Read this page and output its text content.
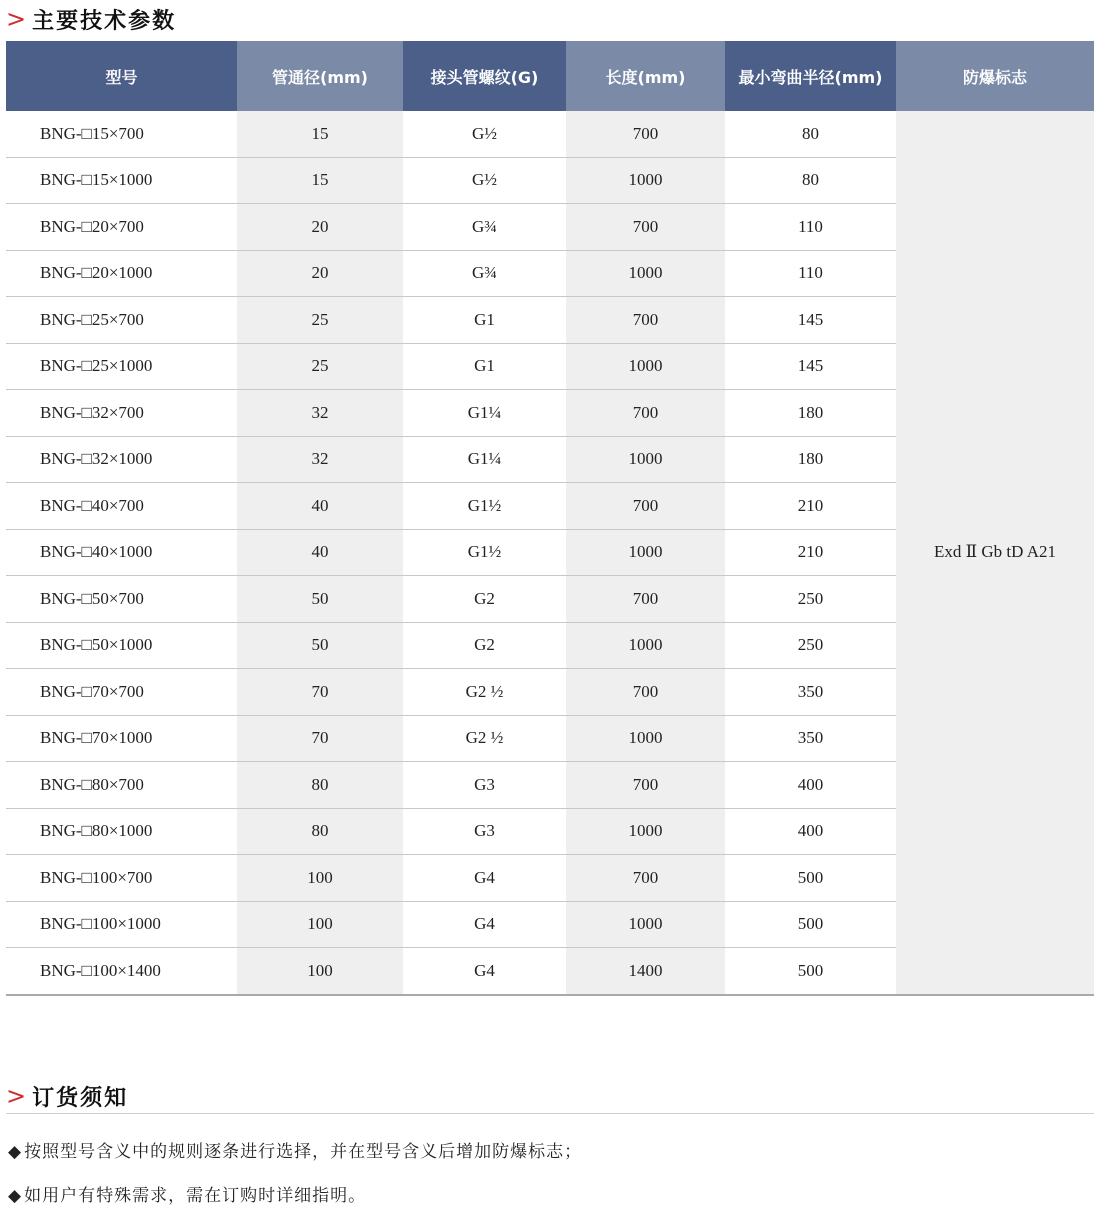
> 主要技术参数
型号	管通径(mm)	接头管螺纹(G)	长度(mm)	最小弯曲半径(mm)	防爆标志
BNG-□15×700	15	G½	700	80	Exd Ⅱ Gb tD A21
BNG-□15×1000	15	G½	1000	80	
BNG-□20×700	20	G¾	700	110	
BNG-□20×1000	20	G¾	1000	110	
BNG-□25×700	25	G1	700	145	
BNG-□25×1000	25	G1	1000	145	
BNG-□32×700	32	G1¼	700	180	
BNG-□32×1000	32	G1¼	1000	180	
BNG-□40×700	40	G1½	700	210	
BNG-□40×1000	40	G1½	1000	210	
BNG-□50×700	50	G2	700	250	
BNG-□50×1000	50	G2	1000	250	
BNG-□70×700	70	G2 ½	700	350	
BNG-□70×1000	70	G2 ½	1000	350	
BNG-□80×700	80	G3	700	400	
BNG-□80×1000	80	G3	1000	400	
BNG-□100×700	100	G4	700	500	
BNG-□100×1000	100	G4	1000	500	
BNG-□100×1400	100	G4	1400	500	
> 订货须知
◆ 按照型号含义中的规则逐条进行选择，并在型号含义后增加防爆标志；
◆ 如用户有特殊需求，需在订购时详细指明。
